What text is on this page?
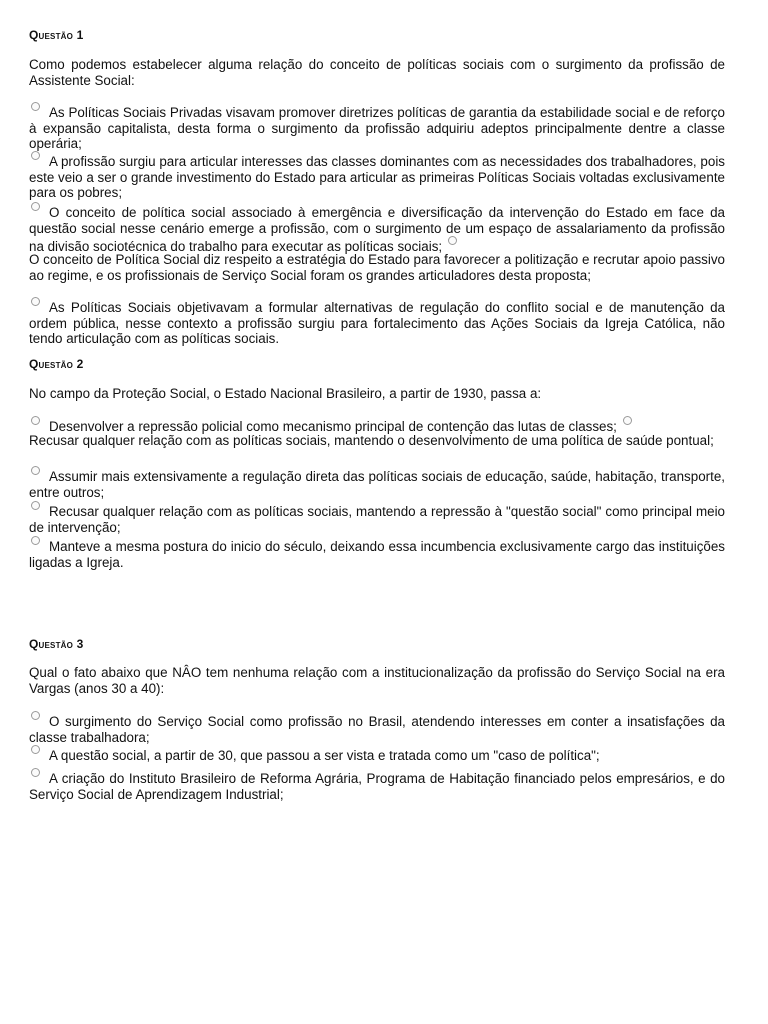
Questão 1

Como podemos estabelecer alguma relação do conceito de políticas sociais com o surgimento da profissão de Assistente Social:

As Políticas Sociais Privadas visavam promover diretrizes políticas de garantia da estabilidade social e de reforço à expansão capitalista, desta forma o surgimento da profissão adquiriu adeptos principalmente dentre a classe operária;

A profissão surgiu para articular interesses das classes dominantes com as necessidades dos trabalhadores, pois este veio a ser o grande investimento do Estado para articular as primeiras Políticas Sociais voltadas exclusivamente para os pobres;

O conceito de política social associado à emergência e diversificação da intervenção do Estado em face da questão social nesse cenário emerge a profissão, com o surgimento de um espaço de assalariamento da profissão na divisão sociotécnica do trabalho para executar as políticas sociais;

O conceito de Política Social diz respeito a estratégia do Estado para favorecer a politização e recrutar apoio passivo ao regime, e os profissionais de Serviço Social foram os grandes articuladores desta proposta;

As Políticas Sociais objetivavam a formular alternativas de regulação do conflito social e de manutenção da ordem pública, nesse contexto a profissão surgiu para fortalecimento das Ações Sociais da Igreja Católica, não tendo articulação com as políticas sociais.

Questão 2

No campo da Proteção Social, o Estado Nacional Brasileiro, a partir de 1930, passa a:

Desenvolver a repressão policial como mecanismo principal de contenção das lutas de classes;

Recusar qualquer relação com as políticas sociais, mantendo o desenvolvimento de uma política de saúde pontual;

Assumir mais extensivamente a regulação direta das políticas sociais de educação, saúde, habitação, transporte, entre outros;

Recusar qualquer relação com as políticas sociais, mantendo a repressão à "questão social" como principal meio de intervenção;

Manteve a mesma postura do inicio do século, deixando essa incumbencia exclusivamente cargo das instituições ligadas a Igreja.

Questão 3

Qual o fato abaixo que NÂO tem nenhuma relação com a institucionalização da profissão do Serviço Social na era Vargas (anos 30 a 40):

O surgimento do Serviço Social como profissão no Brasil, atendendo interesses em conter a insatisfações da classe trabalhadora;

A questão social, a partir de 30, que passou a ser vista e tratada como um "caso de política";

A criação do Instituto Brasileiro de Reforma Agrária, Programa de Habitação financiado pelos empresários, e do Serviço Social de Aprendizagem Industrial;
